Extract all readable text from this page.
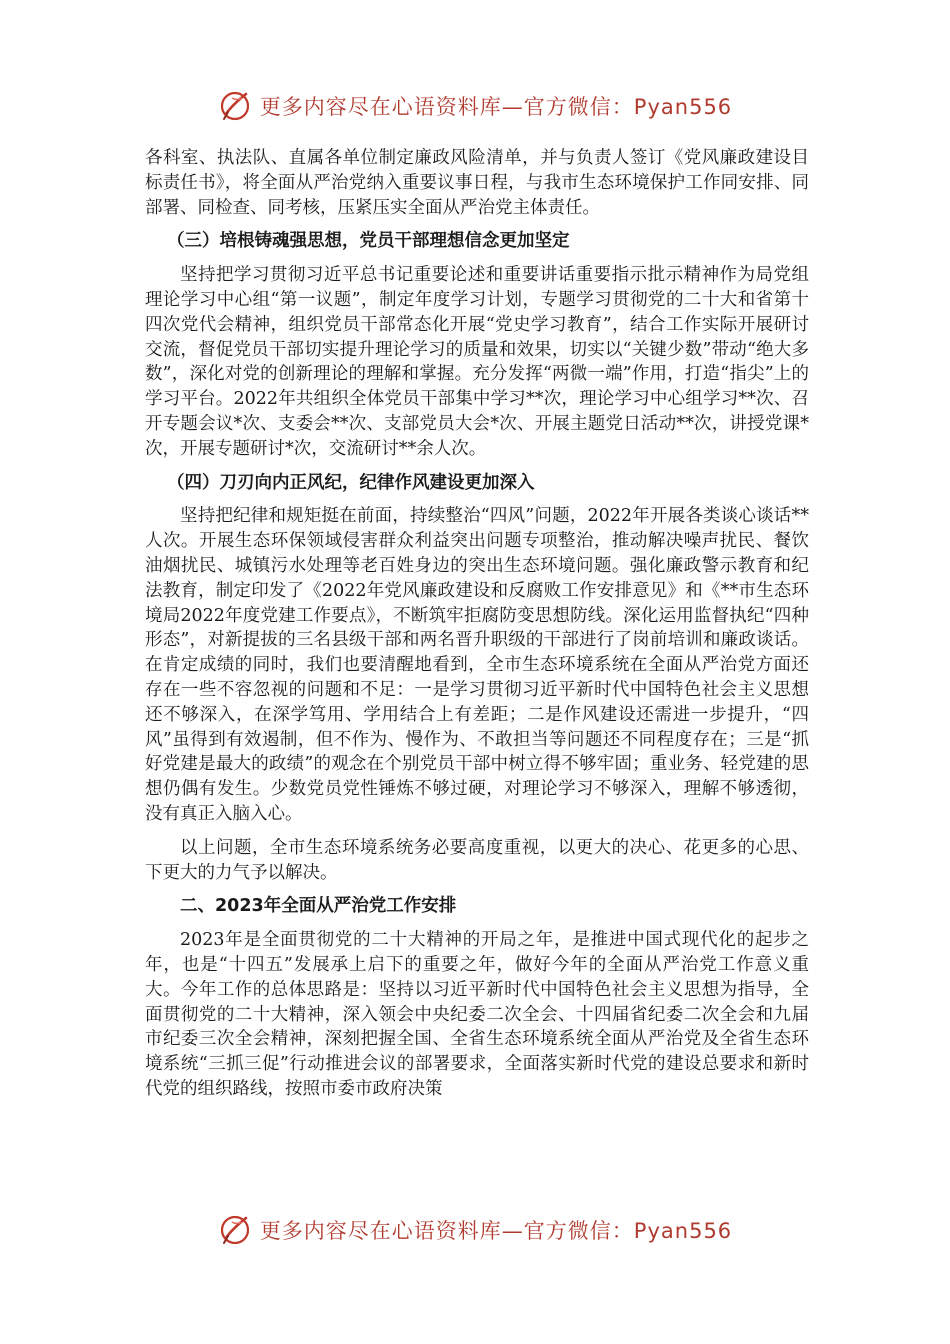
更多内容尽在心语资料库—官方微信：Pyan556

各科室、执法队、直属各单位制定廉政风险清单，并与负责人签订《党风廉政建设目标责任书》，将全面从严治党纳入重要议事日程，与我市生态环境保护工作同安排、同部署、同检查、同考核，压紧压实全面从严治党主体责任。

（三）培根铸魂强思想，党员干部理想信念更加坚定

坚持把学习贯彻习近平总书记重要论述和重要讲话重要指示批示精神作为局党组理论学习中心组“第一议题”，制定年度学习计划，专题学习贯彻党的二十大和省第十四次党代会精神，组织党员干部常态化开展“党史学习教育”，结合工作实际开展研讨交流，督促党员干部切实提升理论学习的质量和效果，切实以“关键少数”带动“绝大多数”，深化对党的创新理论的理解和掌握。充分发挥“两微一端”作用，打造“指尖”上的学习平台。2022年共组织全体党员干部集中学习**次，理论学习中心组学习**次、召开专题会议*次、支委会**次、支部党员大会*次、开展主题党日活动**次，讲授党课*次，开展专题研讨*次，交流研讨**余人次。

（四）刀刃向内正风纪，纪律作风建设更加深入

坚持把纪律和规矩挺在前面，持续整治“四风”问题，2022年开展各类谈心谈话**人次。开展生态环保领域侵害群众利益突出问题专项整治，推动解决噪声扰民、餐饮油烟扰民、城镇污水处理等老百姓身边的突出生态环境问题。强化廉政警示教育和纪法教育，制定印发了《2022年党风廉政建设和反腐败工作安排意见》和《**市生态环境局2022年度党建工作要点》，不断筑牢拒腐防变思想防线。深化运用监督执纪“四种形态”，对新提拔的三名县级干部和两名晋升职级的干部进行了岗前培训和廉政谈话。在肯定成绩的同时，我们也要清醒地看到，全市生态环境系统在全面从严治党方面还存在一些不容忽视的问题和不足：一是学习贯彻习近平新时代中国特色社会主义思想还不够深入，在深学笃用、学用结合上有差距；二是作风建设还需进一步提升，“四风”虽得到有效遏制，但不作为、慢作为、不敢担当等问题还不同程度存在；三是“抓好党建是最大的政绩”的观念在个别党员干部中树立得不够牢固；重业务、轻党建的思想仍偶有发生。少数党员党性锤炼不够过硬，对理论学习不够深入，理解不够透彻，没有真正入脑入心。

以上问题，全市生态环境系统务必要高度重视，以更大的决心、花更多的心思、下更大的力气予以解决。

二、2023年全面从严治党工作安排

2023年是全面贯彻党的二十大精神的开局之年，是推进中国式现代化的起步之年，也是“十四五”发展承上启下的重要之年，做好今年的全面从严治党工作意义重大。今年工作的总体思路是：坚持以习近平新时代中国特色社会主义思想为指导，全面贯彻党的二十大精神，深入领会中央纪委二次全会、十四届省纪委二次全会和九届市纪委三次全会精神，深刻把握全国、全省生态环境系统全面从严治党及全省生态环境系统“三抓三促”行动推进会议的部署要求，全面落实新时代党的建设总要求和新时代党的组织路线，按照市委市政府决策

更多内容尽在心语资料库—官方微信：Pyan556
